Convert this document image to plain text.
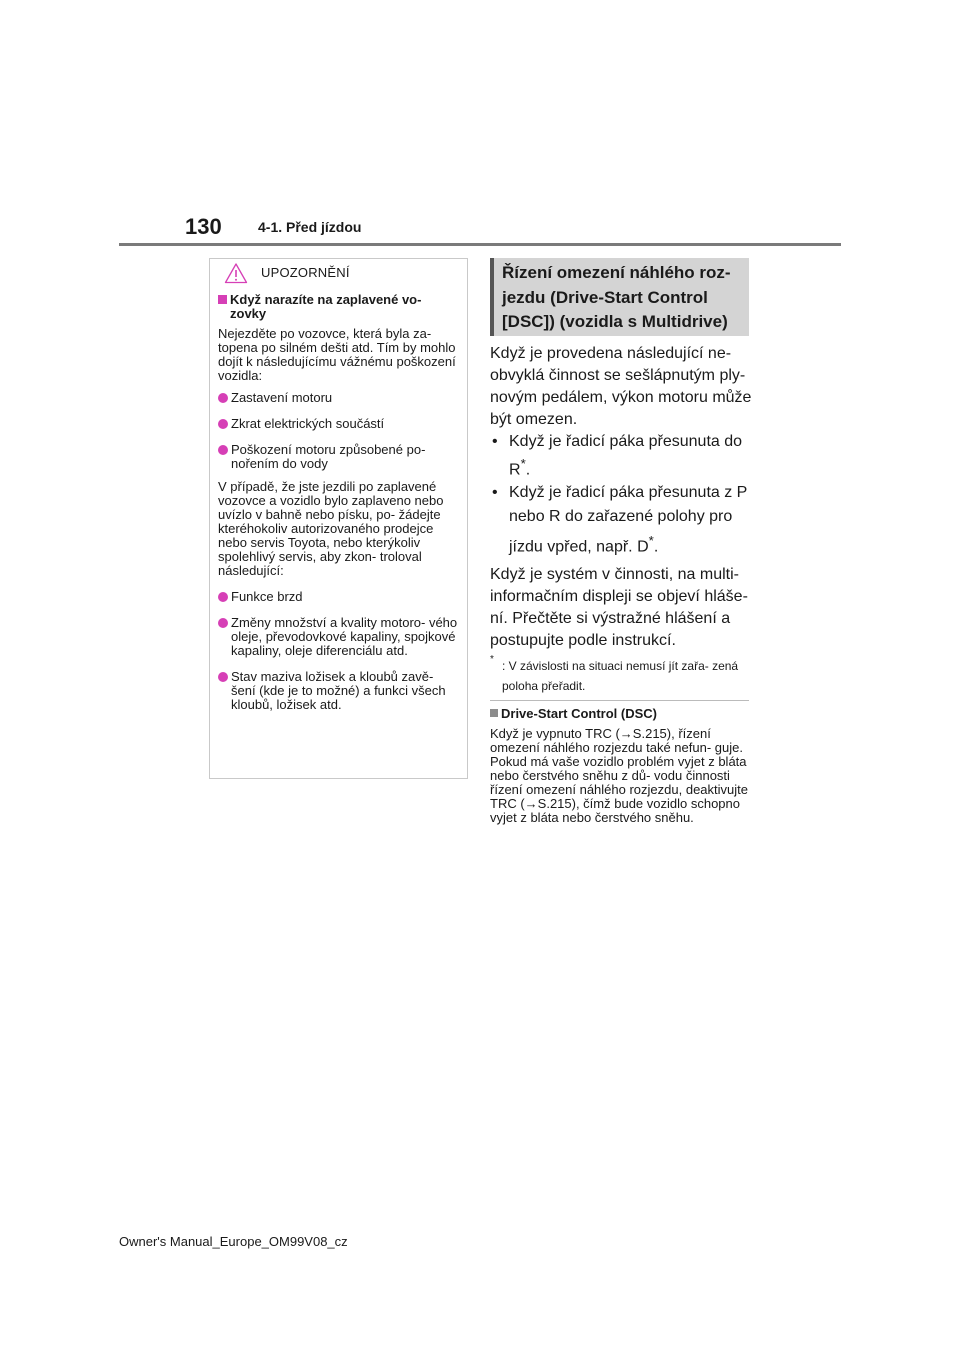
130	4-1. Před jízdou
UPOZORNĚNÍ
Když narazíte na zaplavené vo- zovky

Nejezděte po vozovce, která byla za- topena po silném dešti atd. Tím by mohlo dojít k následujícímu vážnému poškození vozidla:

Zastavení motoru
Zkrat elektrických součástí
Poškození motoru způsobené po- nořením do vody

V případě, že jste jezdili po zaplavené vozovce a vozidlo bylo zaplaveno nebo uvízlo v bahně nebo písku, po- žádejte kteréhokoliv autorizovaného prodejce nebo servis Toyota, nebo kterýkoliv spolehlivý servis, aby zkon- troloval následující:

Funkce brzd
Změny množství a kvality motoro- vého oleje, převodovkové kapaliny, spojkové kapaliny, oleje diferenciálu atd.
Stav maziva ložisek a kloubů zavě- šení (kde je to možné) a funkci všech kloubů, ložisek atd.
Řízení omezení náhlého roz- jezdu (Drive-Start Control [DSC]) (vozidla s Multidrive)

Když je provedena následující ne- obvyklá činnost se sešlápnutým ply- novým pedálem, výkon motoru může být omezen.

• Když je řadicí páka přesunuta do R*.
• Když je řadicí páka přesunuta z P nebo R do zařazené polohy pro jízdu vpřed, např. D*.

Když je systém v činnosti, na multi- informačním displeji se objeví hláše- ní. Přečtěte si výstražné hlášení a postupujte podle instrukcí.

* : V závislosti na situaci nemusí jít zařa- zená poloha přeřadit.
Drive-Start Control (DSC)

Když je vypnuto TRC (→S.215), řízení omezení náhlého rozjezdu také nefun- guje. Pokud má vaše vozidlo problém vyjet z bláta nebo čerstvého sněhu z dů- vodu činnosti řízení omezení náhlého rozjezdu, deaktivujte TRC (→S.215), čímž bude vozidlo schopno vyjet z bláta nebo čerstvého sněhu.

Owner's Manual_Europe_OM99V08_cz
